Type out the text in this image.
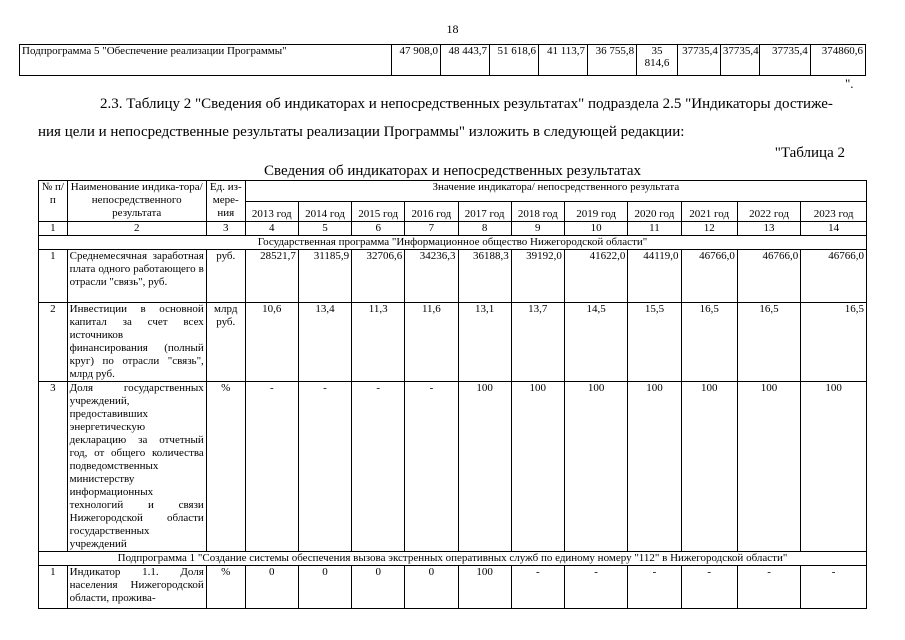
18
Подпрограмма 5 "Обеспечение реализации Программы"	47 908,0	48 443,7	51 618,6	41 113,7	36 755,8	35 814,6	37735,4	37735,4	37735,4	374860,6
".
2.3. Таблицу 2 "Сведения об индикаторах и непосредственных результатах" подраздела 2.5 "Индикаторы достиже-
ния цели и непосредственные результаты реализации Программы" изложить в следующей редакции:
"Таблица 2
Сведения об индикаторах и непосредственных результатах
№ п/п	Наименование индика-тора/ непосредственного результата	Ед. из-мере-ния	Значение индикатора/ непосредственного результата										
			2013 год	2014 год	2015 год	2016 год	2017 год	2018 год	2019 год	2020 год	2021 год	2022 год	2023 год
1	2	3	4	5	6	7	8	9	10	11	12	13	14
Государственная программа "Информационное общество Нижегородской области"													
1	Среднемесячная заработная плата одного работающего в отрасли "связь", руб.	руб.	28521,7	31185,9	32706,6	34236,3	36188,3	39192,0	41622,0	44119,0	46766,0	46766,0	46766,0
2	Инвестиции в основной капитал за счет всех источников финансирования (полный круг) по отрасли "связь", млрд руб.	млрд руб.	10,6	13,4	11,3	11,6	13,1	13,7	14,5	15,5	16,5	16,5	16,5
3	Доля государственных учреждений, предоставивших энергетическую декларацию за отчетный год, от общего количества подведомственных министерству информационных технологий и связи Нижегородской области государственных учреждений	%	-	-	-	-	100	100	100	100	100	100	100
Подпрограмма 1 "Создание системы обеспечения вызова экстренных оперативных служб по единому номеру "112" в Нижегородской области"													
1	Индикатор 1.1. Доля населения Нижегородской области, прожива-	%	0	0	0	0	100	-	-	-	-	-	-
